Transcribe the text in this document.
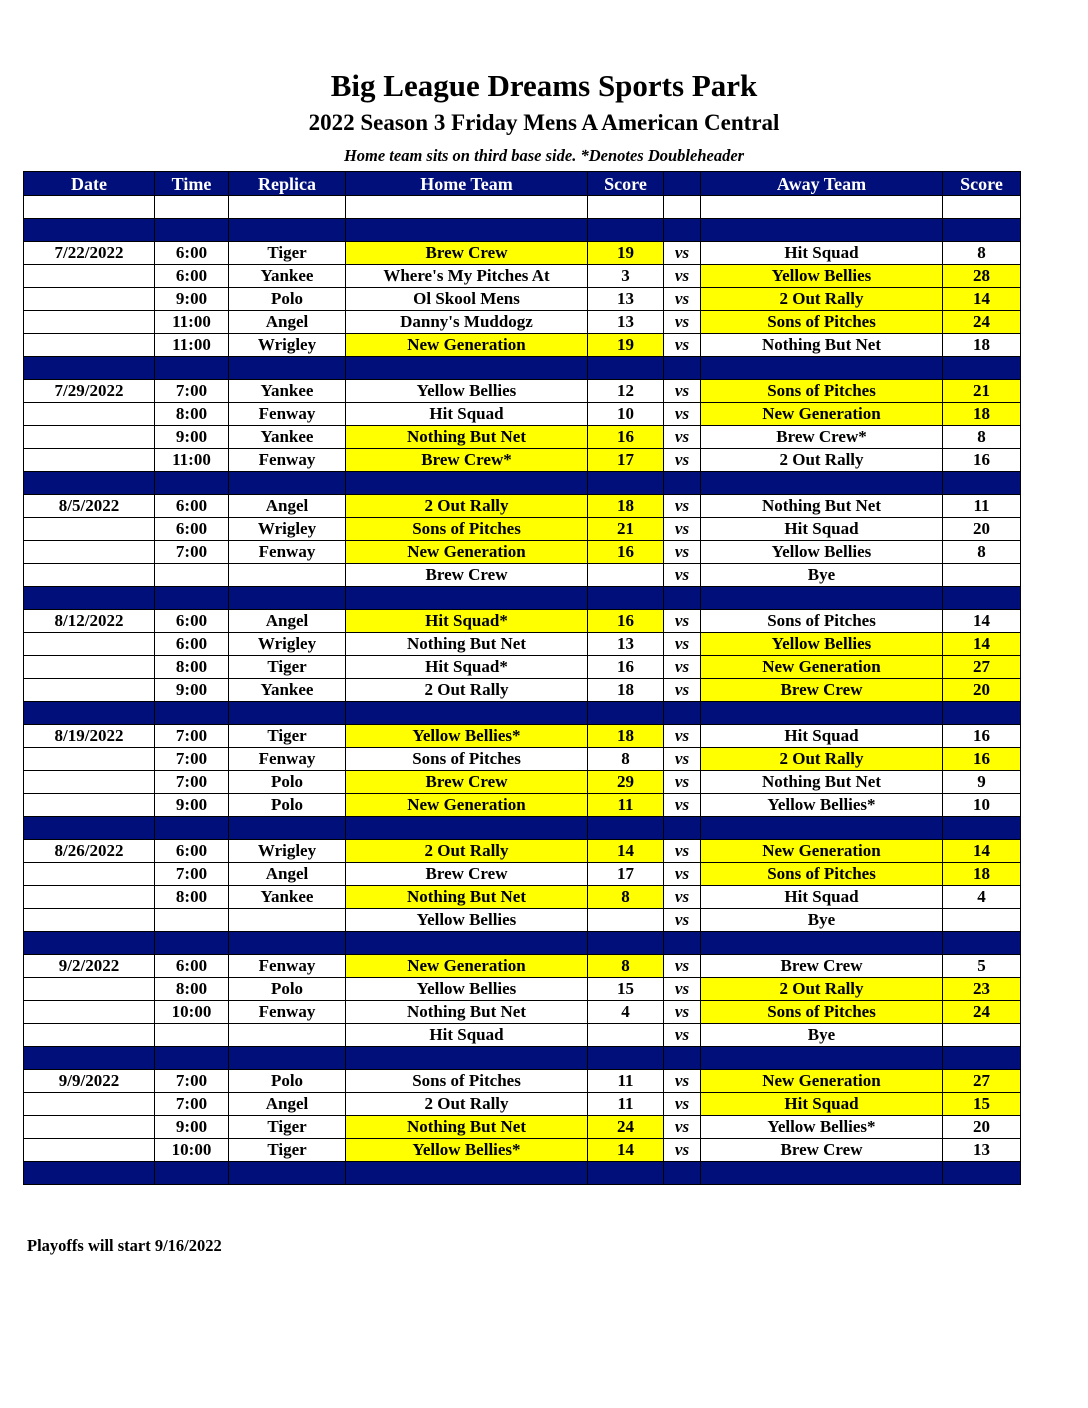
Big League Dreams Sports Park
2022 Season 3 Friday Mens A American Central
Home team sits on third base side. *Denotes Doubleheader
Date	Time	Replica	Home Team	Score		Away Team	Score

7/22/2022	6:00	Tiger	Brew Crew	19	vs	Hit Squad	8
	6:00	Yankee	Where's My Pitches At	3	vs	Yellow Bellies	28
	9:00	Polo	Ol Skool Mens	13	vs	2 Out Rally	14
	11:00	Angel	Danny's Muddogz	13	vs	Sons of Pitches	24
	11:00	Wrigley	New Generation	19	vs	Nothing But Net	18

7/29/2022	7:00	Yankee	Yellow Bellies	12	vs	Sons of Pitches	21
	8:00	Fenway	Hit Squad	10	vs	New Generation	18
	9:00	Yankee	Nothing But Net	16	vs	Brew Crew*	8
	11:00	Fenway	Brew Crew*	17	vs	2 Out Rally	16

8/5/2022	6:00	Angel	2 Out Rally	18	vs	Nothing But Net	11
	6:00	Wrigley	Sons of Pitches	21	vs	Hit Squad	20
	7:00	Fenway	New Generation	16	vs	Yellow Bellies	8
			Brew Crew		vs	Bye	

8/12/2022	6:00	Angel	Hit Squad*	16	vs	Sons of Pitches	14
	6:00	Wrigley	Nothing But Net	13	vs	Yellow Bellies	14
	8:00	Tiger	Hit Squad*	16	vs	New Generation	27
	9:00	Yankee	2 Out Rally	18	vs	Brew Crew	20

8/19/2022	7:00	Tiger	Yellow Bellies*	18	vs	Hit Squad	16
	7:00	Fenway	Sons of Pitches	8	vs	2 Out Rally	16
	7:00	Polo	Brew Crew	29	vs	Nothing But Net	9
	9:00	Polo	New Generation	11	vs	Yellow Bellies*	10

8/26/2022	6:00	Wrigley	2 Out Rally	14	vs	New Generation	14
	7:00	Angel	Brew Crew	17	vs	Sons of Pitches	18
	8:00	Yankee	Nothing But Net	8	vs	Hit Squad	4
			Yellow Bellies		vs	Bye	

9/2/2022	6:00	Fenway	New Generation	8	vs	Brew Crew	5
	8:00	Polo	Yellow Bellies	15	vs	2 Out Rally	23
	10:00	Fenway	Nothing But Net	4	vs	Sons of Pitches	24
			Hit Squad		vs	Bye	

9/9/2022	7:00	Polo	Sons of Pitches	11	vs	New Generation	27
	7:00	Angel	2 Out Rally	11	vs	Hit Squad	15
	9:00	Tiger	Nothing But Net	24	vs	Yellow Bellies*	20
	10:00	Tiger	Yellow Bellies*	14	vs	Brew Crew	13

Playoffs will start 9/16/2022
